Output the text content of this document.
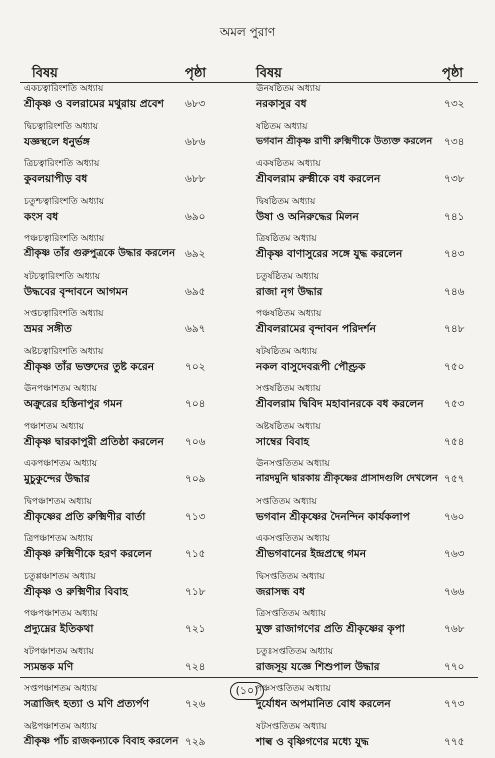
অমল পুরাণ
বিষয়	পৃষ্ঠা	বিষয়	পৃষ্ঠা
একচত্বারিংশতি অধ্যায়
শ্রীকৃষ্ণ ও বলরামের মথুরায় প্রবেশ ৬৮৩
দ্বিচত্বারিংশতি অধ্যায়
যজ্ঞস্থলে ধনুর্ভঙ্গ	৬৮৬
ত্রিচত্বারিংশতি অধ্যায়
কুবলয়াপীড় বধ	৬৮৮
চতুশ্চত্বারিংশতি অধ্যায়
কংস বধ	৬৯০
পঞ্চচত্বারিংশতি অধ্যায়
শ্রীকৃষ্ণ তাঁর গুরুপুত্রকে উদ্ধার করলেন ৬৯২
ষটচত্বারিংশতি অধ্যায়
উদ্ধবের বৃন্দাবনে আগমন	৬৯৫
সপ্তচত্বারিংশতি অধ্যায়
ভ্রমর সঙ্গীত	৬৯৭
অষ্টচত্বারিংশতি অধ্যায়
শ্রীকৃষ্ণ তাঁর ভক্তদের তুষ্ট করেন	৭০২
ঊনপঞ্চাশতম অধ্যায়
অক্রুরের হস্তিনাপুর গমন	৭০৪
পঞ্চাশতম অধ্যায়
শ্রীকৃষ্ণ দ্বারকাপুরী প্রতিষ্ঠা করলেন ৭০৬
একপঞ্চাশতম অধ্যায়
মুচুকুন্দের উদ্ধার	৭০৯
দ্বিপঞ্চাশতম অধ্যায়
শ্রীকৃষ্ণের প্রতি রুক্মিণীর বার্তা	৭১৩
ত্রিপঞ্চাশতম অধ্যায়
শ্রীকৃষ্ণ রুক্মিণীকে হরণ করলেন	৭১৫
চতুপ্পঞ্চাশতম অধ্যায়
শ্রীকৃষ্ণ ও রুক্মিণীর বিবাহ	৭১৮
পঞ্চপঞ্চাশতম অধ্যায়
প্রদ্যুম্নের ইতিকথা	৭২১
ষটপঞ্চাশতম অধ্যায়
স্যমন্তক মণি	৭২৪
সপ্তপঞ্চাশতম অধ্যায়
সত্রাজিৎ হত্যা ও মণি প্রত্যর্পণ	৭২৬
অষ্টপঞ্চাশতম অধ্যায়
শ্রীকৃষ্ণ পাঁচ রাজকন্যাকে বিবাহ করলেন ৭২৯
ঊনষষ্ঠিতম অধ্যায়
নরকাসুর বধ	৭৩২
ষষ্ঠিতম অধ্যায়
ভগবান শ্রীকৃষ্ণ রাণী রুক্মিণীকে উত্যক্ত করলেন ৭৩৪
একষষ্ঠিতম অধ্যায়
শ্রীবলরাম রুক্মীকে বধ করলেন	৭৩৮
দ্বিষষ্ঠিতম অধ্যায়
উষা ও অনিরুদ্ধের মিলন	৭৪১
ত্রিষষ্ঠিতম অধ্যায়
শ্রীকৃষ্ণ বাণাসুরের সঙ্গে যুদ্ধ করলেন	৭৪৩
চতুর্ষষ্ঠিতম অধ্যায়
রাজা নৃগ উদ্ধার	৭৪৬
পঞ্চষষ্ঠিতম অধ্যায়
শ্রীবলরামের বৃন্দাবন পরিদর্শন	৭৪৮
ষটষষ্ঠিতম অধ্যায়
নকল বাসুদেবরূপী পৌণ্ড্রক	৭৫০
সপ্তষষ্ঠিতম অধ্যায়
শ্রীবলরাম দ্বিবিদ মহাবানরকে বধ করলেন ৭৫৩
অষ্টষষ্ঠিতম অধ্যায়
সাম্বের বিবাহ	৭৫৪
ঊনসপ্ততিতম অধ্যায়
নারদমুনি দ্বারকায় শ্রীকৃষ্ণের প্রাসাদগুলি দেখলেন ৭৫৭
সপ্ততিতম অধ্যায়
ভগবান শ্রীকৃষ্ণের দৈনন্দিন কার্যকলাপ	৭৬০
একসপ্ততিতম অধ্যায়
শ্রীভগবানের ইন্দ্রপ্রস্থে গমন	৭৬৩
দ্বিসপ্ততিতম অধ্যায়
জরাসন্ধ বধ	৭৬৬
ত্রিসপ্ততিতম অধ্যায়
মুক্ত রাজাগণের প্রতি শ্রীকৃষ্ণের কৃপা	৭৬৮
চতুঃসপ্ততিতম অধ্যায়
রাজসূয় যজ্ঞে শিশুপাল উদ্ধার	৭৭০
পঞ্চসপ্ততিতম অধ্যায়
দুর্যোধন অপমানিত বোধ করলেন	৭৭৩
ষটসপ্ততিতম অধ্যায়
শাল্ব ও বৃষ্ণিগণের মধ্যে যুদ্ধ	৭৭৫
(১০)
